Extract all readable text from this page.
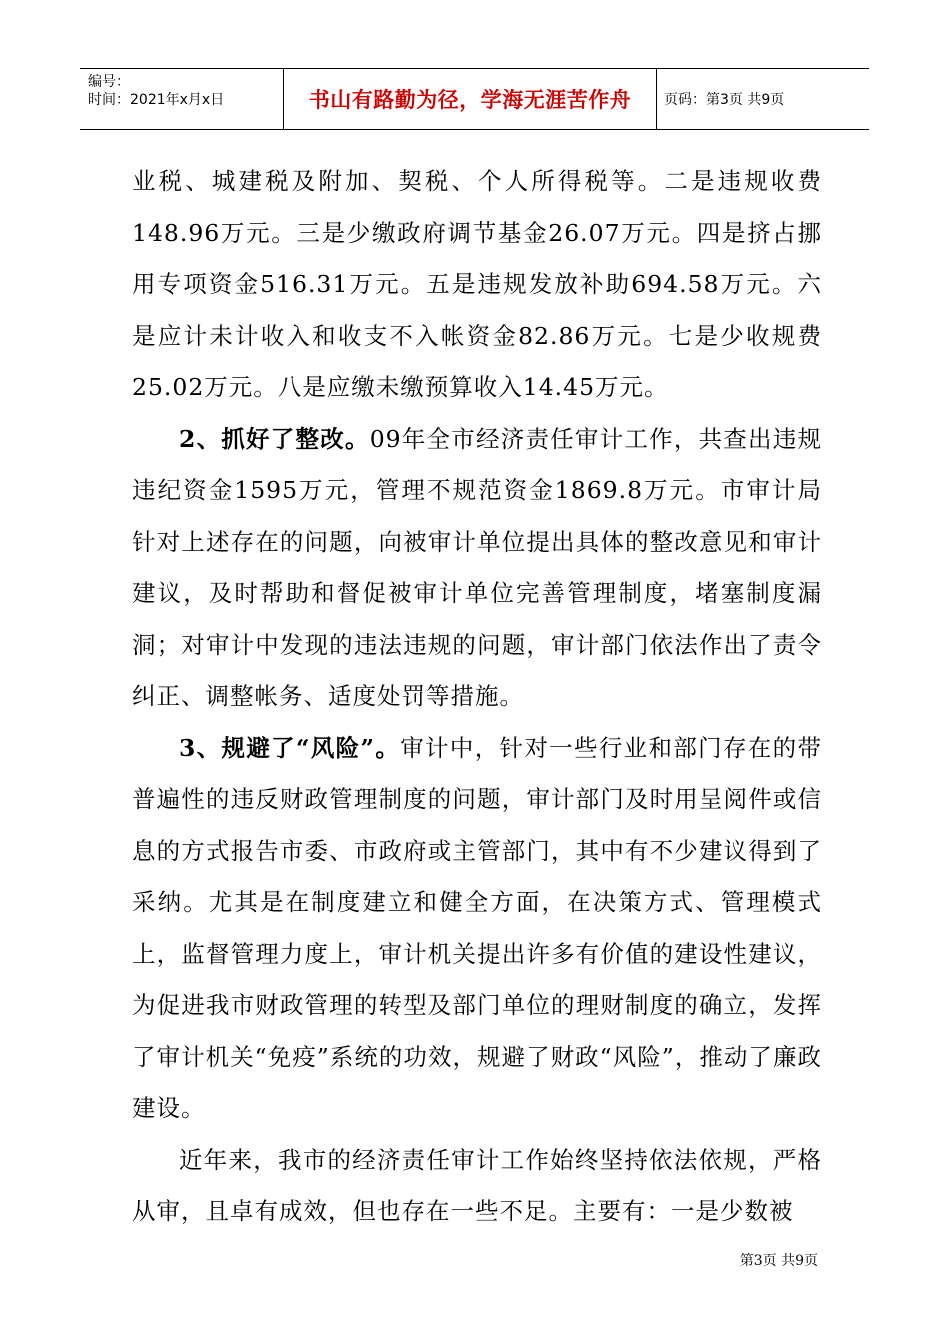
编号：
时间：2021年x月x日	书山有路勤为径，学海无涯苦作舟	页码：第3页 共9页

业税、城建税及附加、契税、个人所得税等。二是违规收费148.96万元。三是少缴政府调节基金26.07万元。四是挤占挪用专项资金516.31万元。五是违规发放补助694.58万元。六是应计未计收入和收支不入帐资金82.86万元。七是少收规费25.02万元。八是应缴未缴预算收入14.45万元。

2、抓好了整改。09年全市经济责任审计工作，共查出违规违纪资金1595万元，管理不规范资金1869.8万元。市审计局针对上述存在的问题，向被审计单位提出具体的整改意见和审计建议，及时帮助和督促被审计单位完善管理制度，堵塞制度漏洞；对审计中发现的违法违规的问题，审计部门依法作出了责令纠正、调整帐务、适度处罚等措施。

3、规避了“风险”。审计中，针对一些行业和部门存在的带普遍性的违反财政管理制度的问题，审计部门及时用呈阅件或信息的方式报告市委、市政府或主管部门，其中有不少建议得到了采纳。尤其是在制度建立和健全方面，在决策方式、管理模式上，监督管理力度上，审计机关提出许多有价值的建设性建议，为促进我市财政管理的转型及部门单位的理财制度的确立，发挥了审计机关“免疫”系统的功效，规避了财政“风险”，推动了廉政建设。

近年来，我市的经济责任审计工作始终坚持依法依规，严格从审，且卓有成效，但也存在一些不足。主要有：一是少数被

第3页 共9页
